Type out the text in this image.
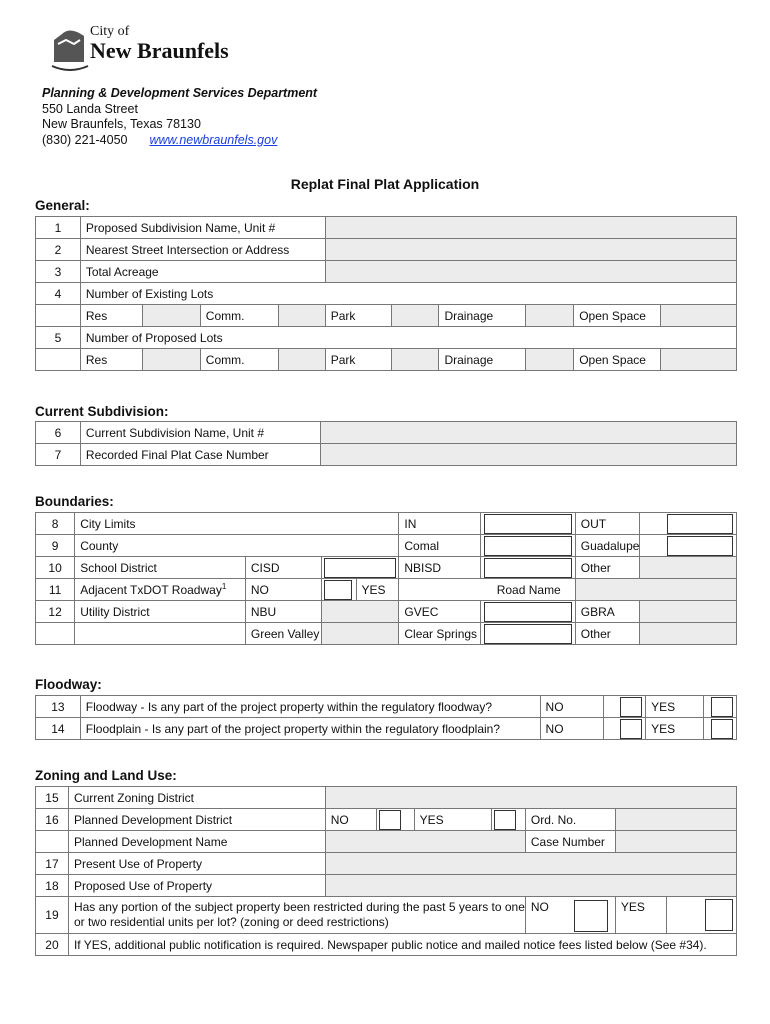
City of
New Braunfels
Planning & Development Services Department
550 Landa Street
New Braunfels, Texas 78130
(830) 221-4050 www.newbraunfels.gov
Replat Final Plat Application
General:
1	Proposed Subdivision Name, Unit #									
2	Nearest Street Intersection or Address									
3	Total Acreage									
4	Number of Existing Lots									
	Res		Comm.		Park		Drainage		Open Space	
5	Number of Proposed Lots									
	Res		Comm.		Park		Drainage		Open Space	
Current Subdivision:
6	Current Subdivision Name, Unit #	
7	Recorded Final Plat Case Number	
Boundaries:
8	City Limits				IN		OUT	
9	County				Comal		Guadalupe	
10	School District	CISD			NBISD		Other	
11	Adjacent TxDOT Roadway$^1$	NO		YES	Road Name			
12	Utility District	NBU			GVEC		GBRA	
		Green Valley			Clear Springs		Other	
Floodway:
13	Floodway - Is any part of the project property within the regulatory floodway?	NO		YES	
14	Floodplain - Is any part of the project property within the regulatory floodplain?	NO		YES	
Zoning and Land Use:
15	Current Zoning District							
16	Planned Development District	NO		YES		Ord. No.		
	Planned Development Name					Case Number		
17	Present Use of Property							
18	Proposed Use of Property							
19	Has any portion of the subject property been restricted during the past 5 years to one
or two residential units per lot? (zoning or deed restrictions)					NO	YES	
20	If YES, additional public notification is required. Newspaper public notice and mailed notice fees listed below (See #34).							
